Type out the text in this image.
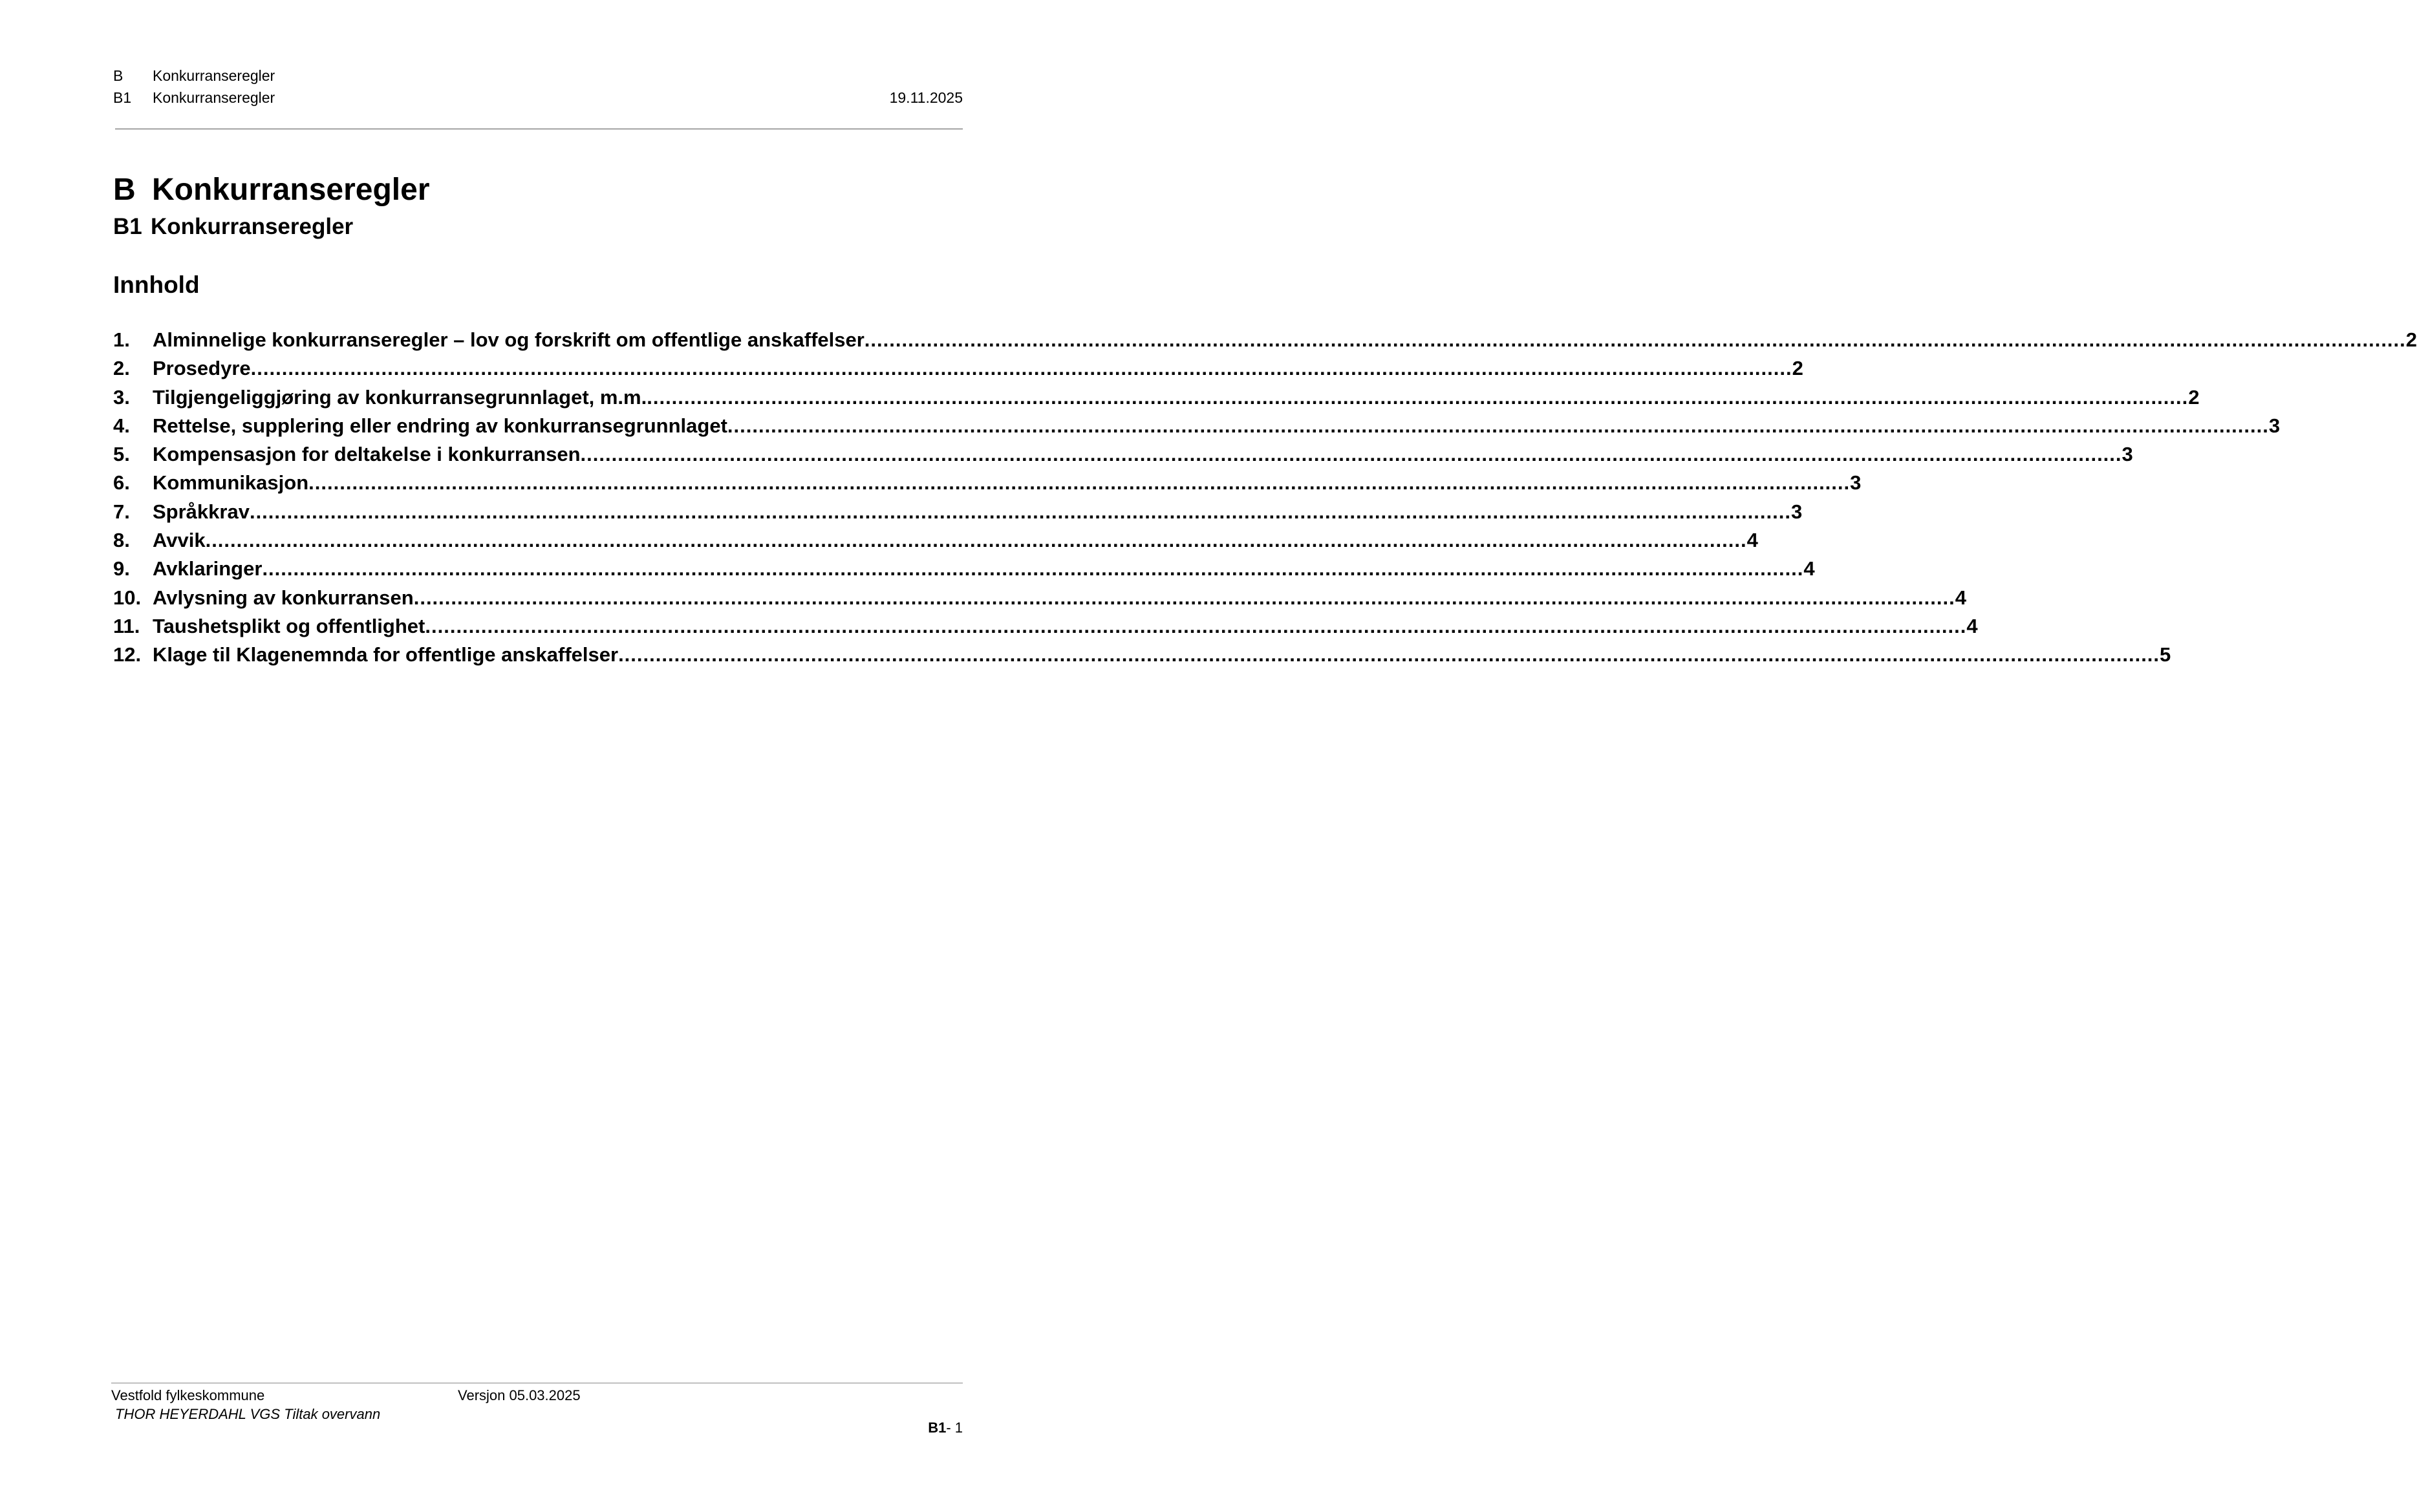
B Konkurranseregler
B1 Konkurranseregler	19.11.2025
B Konkurranseregler
B1 Konkurranseregler
Innhold
1.	Alminnelige konkurranseregler – lov og forskrift om offentlige anskaffelser .....	2
2.	Prosedyre .....	2
3.	Tilgjengeliggjøring av konkurransegrunnlaget, m.m. .....	2
4.	Rettelse, supplering eller endring av konkurransegrunnlaget .....	3
5.	Kompensasjon for deltakelse i konkurransen .....	3
6.	Kommunikasjon .....	3
7.	Språkkrav .....	3
8.	Avvik .....	4
9.	Avklaringer .....	4
10. Avlysning av konkurransen .....	4
11. Taushetsplikt og offentlighet .....	4
12. Klage til Klagenemnda for offentlige anskaffelser .....	5
Vestfold fylkeskommune	Versjon 05.03.2025
THOR HEYERDAHL VGS Tiltak overvann
B1- 1
